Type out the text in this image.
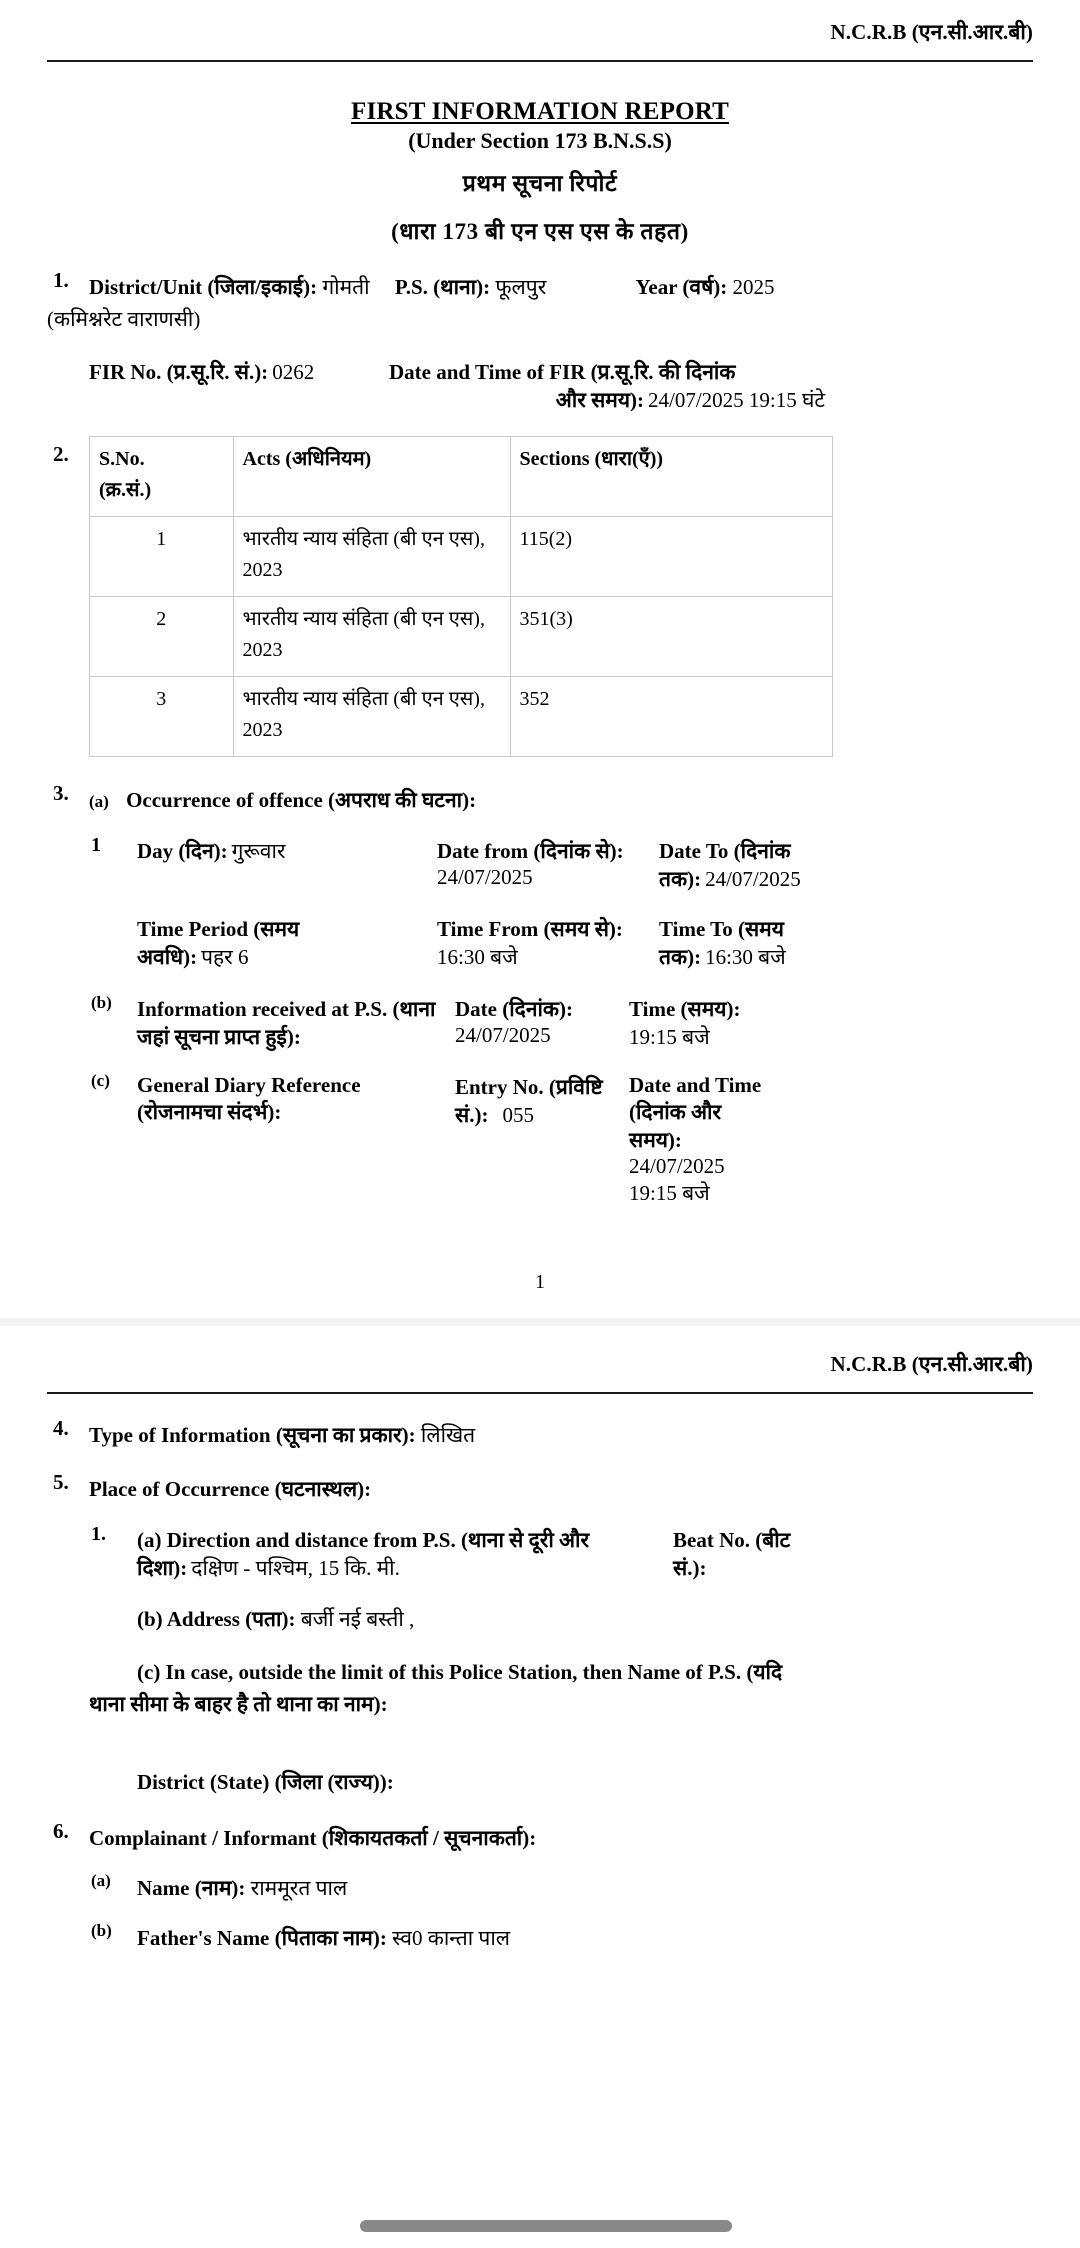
N.C.R.B (एन.सी.आर.बी)
FIRST INFORMATION REPORT
(Under Section 173 B.N.S.S)
प्रथम सूचना रिपोर्ट
(धारा 173 बी एन एस एस के तहत)
1. District/Unit (जिला/इकाई): गोमती P.S. (थाना): फूलपुर	Year (वर्ष): 2025
(कमिश्नरेट वाराणसी)
FIR No. (प्र.सू.रि. सं.): 0262	Date and Time of FIR (प्र.सू.रि. की दिनांक
और समय): 24/07/2025 19:15 घंटे
2. S.No.
(क्र.सं.)	Acts (अधिनियम)	Sections (धारा(एँ))
1	भारतीय न्याय संहिता (बी एन एस), 2023	115(2)
2	भारतीय न्याय संहिता (बी एन एस), 2023	351(3)
3	भारतीय न्याय संहिता (बी एन एस), 2023	352
3. (a) Occurrence of offence (अपराध की घटना):
1 Day (दिन): गुरूवार	Date from (दिनांक से):
24/07/2025
Date To (दिनांक
तक): 24/07/2025
Time Period (समय
अवधि): पहर 6
Time From (समय से):
16:30 बजे
Time To (समय
तक): 16:30 बजे
(b) Information received at P.S. (थाना
जहां सूचना प्राप्त हुई):
Date (दिनांक):
24/07/2025
Time (समय):
19:15 बजे
(c) General Diary Reference
(रोजनामचा संदर्भ):
Entry No. (प्रविष्टि
सं.): 055
Date and Time
(दिनांक और
समय):
24/07/2025
19:15 बजे
1
N.C.R.B (एन.सी.आर.बी)
4. Type of Information (सूचना का प्रकार): लिखित
5. Place of Occurrence (घटनास्थल):
1. (a) Direction and distance from P.S. (थाना से दूरी और
दिशा): दक्षिण - पश्चिम, 15 कि. मी.
Beat No. (बीट
सं.):
(b) Address (पता): बर्जी नई बस्ती ,
(c) In case, outside the limit of this Police Station, then Name of P.S. (यदि
थाना सीमा के बाहर है तो थाना का नाम):
District (State) (जिला (राज्य)):
6. Complainant / Informant (शिकायतकर्ता / सूचनाकर्ता):
(a) Name (नाम): राममूरत पाल
(b) Father's Name (पिताका नाम): स्व0 कान्ता पाल
